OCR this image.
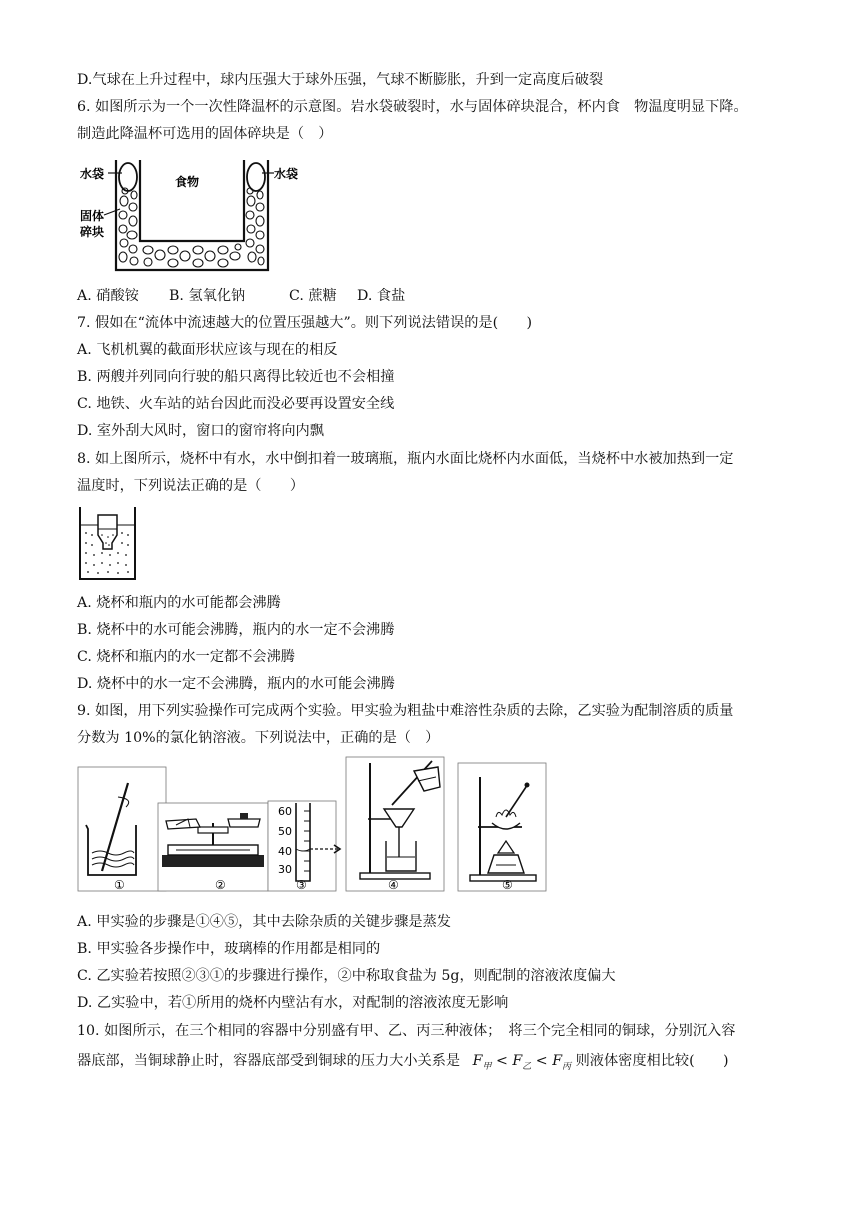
D.气球在上升过程中，球内压强大于球外压强，气球不断膨胀，升到一定高度后破裂
6. 如图所示为一个一次性降温杯的示意图。岩水袋破裂时，水与固体碎块混合，杯内食　物温度明显下降。
制造此降温杯可选用的固体碎块是（　）
水袋
食物
水袋
固体
碎块
A. 硝酸铵 B. 氢氧化钠	C. 蔗糖 D. 食盐
7. 假如在“流体中流速越大的位置压强越大”。则下列说法错误的是(　　)
A. 飞机机翼的截面形状应该与现在的相反
B. 两艘并列同向行驶的船只离得比较近也不会相撞
C. 地铁、火车站的站台因此而没必要再设置安全线
D. 室外刮大风时，窗口的窗帘将向内飘
8. 如上图所示，烧杯中有水，水中倒扣着一玻璃瓶，瓶内水面比烧杯内水面低，当烧杯中水被加热到一定
温度时，下列说法正确的是（　　）
A. 烧杯和瓶内的水可能都会沸腾
B. 烧杯中的水可能会沸腾，瓶内的水一定不会沸腾
C. 烧杯和瓶内的水一定都不会沸腾
D. 烧杯中的水一定不会沸腾，瓶内的水可能会沸腾
9. 如图，用下列实验操作可完成两个实验。甲实验为粗盐中难溶性杂质的去除，乙实验为配制溶质的质量
分数为 10%的氯化钠溶液。下列说法中，正确的是（　）
①	②
60
50
40
30
③	④	⑤
A. 甲实验的步骤是①④⑤，其中去除杂质的关键步骤是蒸发
B. 甲实验各步操作中，玻璃棒的作用都是相同的
C. 乙实验若按照②③①的步骤进行操作，②中称取食盐为 5g，则配制的溶液浓度偏大
D. 乙实验中，若①所用的烧杯内壁沾有水，对配制的溶液浓度无影响
10. 如图所示，在三个相同的容器中分别盛有甲、乙、丙三种液体；　将三个完全相同的铜球，分别沉入容
器底部，当铜球静止时，容器底部受到铜球的压力大小关系是 $F_甲 < F_乙 < F_丙$ 则液体密度相比较(　　)
